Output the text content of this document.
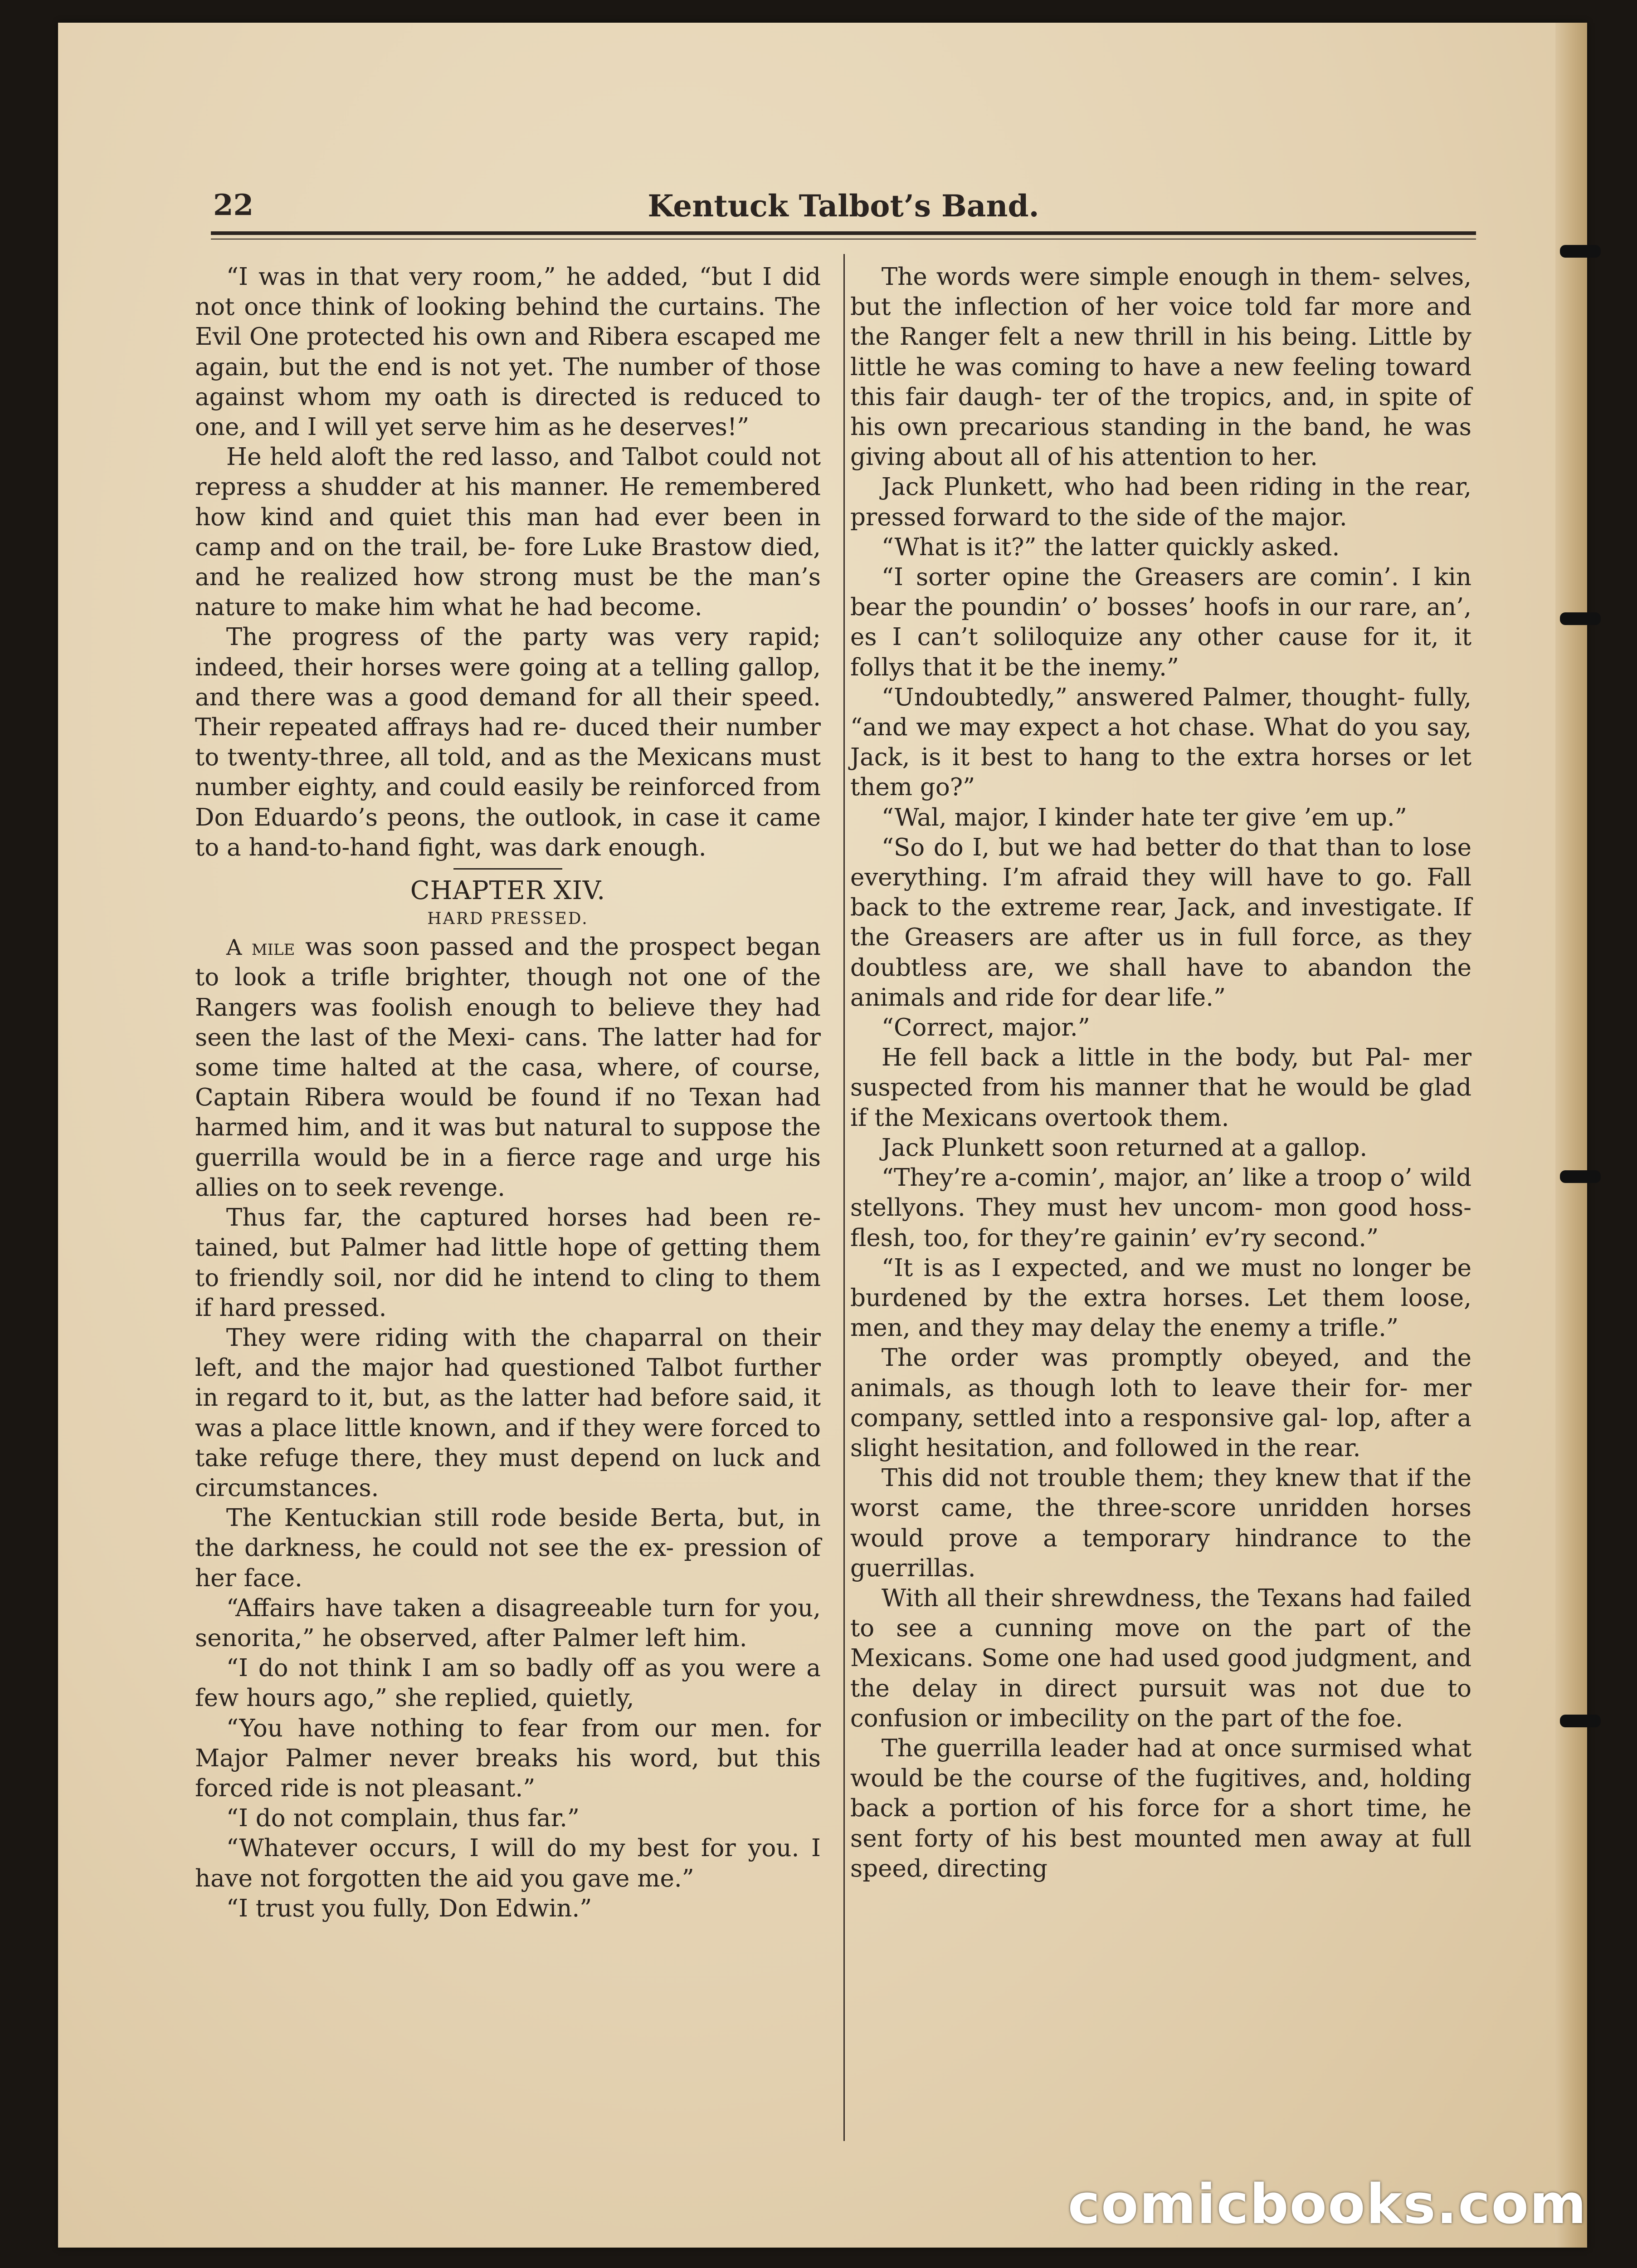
22	Kentuck Talbot’s Band.

“I was in that very room,” he added, “but I did not once think of looking behind the curtains. The Evil One protected his own and Ribera escaped me again, but the end is not yet. The number of those against whom my oath is directed is reduced to one, and I will yet serve him as he deserves!”

He held aloft the red lasso, and Talbot could not repress a shudder at his manner. He remembered how kind and quiet this man had ever been in camp and on the trail, be- fore Luke Brastow died, and he realized how strong must be the man’s nature to make him what he had become.

The progress of the party was very rapid; indeed, their horses were going at a telling gallop, and there was a good demand for all their speed. Their repeated affrays had re- duced their number to twenty-three, all told, and as the Mexicans must number eighty, and could easily be reinforced from Don Eduardo’s peons, the outlook, in case it came to a hand-to-hand fight, was dark enough.

CHAPTER XIV.

HARD PRESSED.

A mile was soon passed and the prospect began to look a trifle brighter, though not one of the Rangers was foolish enough to believe they had seen the last of the Mexi- cans. The latter had for some time halted at the casa, where, of course, Captain Ribera would be found if no Texan had harmed him, and it was but natural to suppose the guerrilla would be in a fierce rage and urge his allies on to seek revenge.

Thus far, the captured horses had been re- tained, but Palmer had little hope of getting them to friendly soil, nor did he intend to cling to them if hard pressed.

They were riding with the chaparral on their left, and the major had questioned Talbot further in regard to it, but, as the latter had before said, it was a place little known, and if they were forced to take refuge there, they must depend on luck and circumstances.

The Kentuckian still rode beside Berta, but, in the darkness, he could not see the ex- pression of her face.

“Affairs have taken a disagreeable turn for you, senorita,” he observed, after Palmer left him.

“I do not think I am so badly off as you were a few hours ago,” she replied, quietly,

“You have nothing to fear from our men. for Major Palmer never breaks his word, but this forced ride is not pleasant.”

“I do not complain, thus far.”

“Whatever occurs, I will do my best for you. I have not forgotten the aid you gave me.”

“I trust you fully, Don Edwin.”

The words were simple enough in them- selves, but the inflection of her voice told far more and the Ranger felt a new thrill in his being. Little by little he was coming to have a new feeling toward this fair daugh- ter of the tropics, and, in spite of his own precarious standing in the band, he was giving about all of his attention to her.

Jack Plunkett, who had been riding in the rear, pressed forward to the side of the major.

“What is it?” the latter quickly asked.

“I sorter opine the Greasers are comin’. I kin bear the poundin’ o’ bosses’ hoofs in our rare, an’, es I can’t soliloquize any other cause for it, it follys that it be the inemy.”

“Undoubtedly,” answered Palmer, thought- fully, “and we may expect a hot chase. What do you say, Jack, is it best to hang to the extra horses or let them go?”

“Wal, major, I kinder hate ter give ’em up.”

“So do I, but we had better do that than to lose everything. I’m afraid they will have to go. Fall back to the extreme rear, Jack, and investigate. If the Greasers are after us in full force, as they doubtless are, we shall have to abandon the animals and ride for dear life.”

“Correct, major.”

He fell back a little in the body, but Pal- mer suspected from his manner that he would be glad if the Mexicans overtook them.

Jack Plunkett soon returned at a gallop.

“They’re a-comin’, major, an’ like a troop o’ wild stellyons. They must hev uncom- mon good hoss-flesh, too, for they’re gainin’ ev’ry second.”

“It is as I expected, and we must no longer be burdened by the extra horses. Let them loose, men, and they may delay the enemy a trifle.”

The order was promptly obeyed, and the animals, as though loth to leave their for- mer company, settled into a responsive gal- lop, after a slight hesitation, and followed in the rear.

This did not trouble them; they knew that if the worst came, the three-score unridden horses would prove a temporary hindrance to the guerrillas.

With all their shrewdness, the Texans had failed to see a cunning move on the part of the Mexicans. Some one had used good judgment, and the delay in direct pursuit was not due to confusion or imbecility on the part of the foe.

The guerrilla leader had at once surmised what would be the course of the fugitives, and, holding back a portion of his force for a short time, he sent forty of his best mounted men away at full speed, directing

comicbooks.com
